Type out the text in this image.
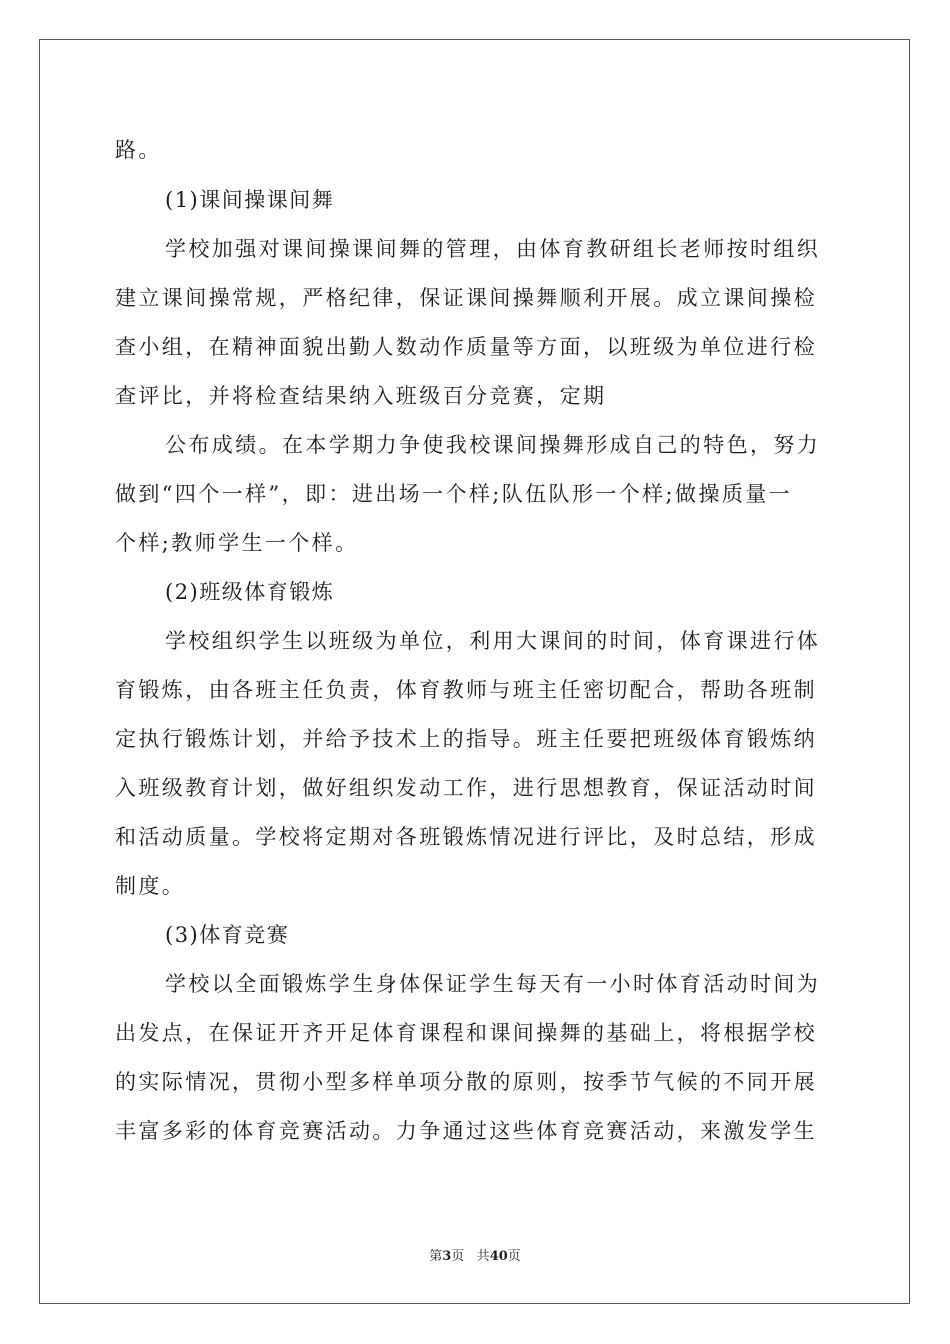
路。
(1)课间操课间舞
学校加强对课间操课间舞的管理，由体育教研组长老师按时组织
建立课间操常规，严格纪律，保证课间操舞顺利开展。成立课间操检
查小组，在精神面貌出勤人数动作质量等方面，以班级为单位进行检
查评比，并将检查结果纳入班级百分竞赛，定期
公布成绩。在本学期力争使我校课间操舞形成自己的特色，努力
做到“四个一样”，即：进出场一个样;队伍队形一个样;做操质量一
个样;教师学生一个样。
(2)班级体育锻炼
学校组织学生以班级为单位，利用大课间的时间，体育课进行体
育锻炼，由各班主任负责，体育教师与班主任密切配合，帮助各班制
定执行锻炼计划，并给予技术上的指导。班主任要把班级体育锻炼纳
入班级教育计划，做好组织发动工作，进行思想教育，保证活动时间
和活动质量。学校将定期对各班锻炼情况进行评比，及时总结，形成
制度。
(3)体育竞赛
学校以全面锻炼学生身体保证学生每天有一小时体育活动时间为
出发点，在保证开齐开足体育课程和课间操舞的基础上，将根据学校
的实际情况，贯彻小型多样单项分散的原则，按季节气候的不同开展
丰富多彩的体育竞赛活动。力争通过这些体育竞赛活动，来激发学生
第3页 共40页
